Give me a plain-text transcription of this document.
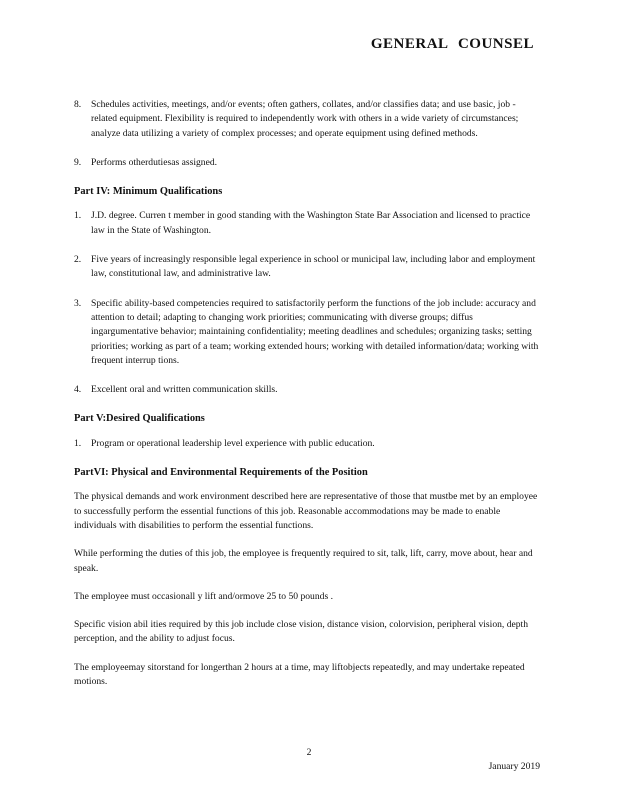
GENERAL COUNSEL
8.	Schedules activities, meetings, and/or events; often gathers, collates, and/or classifies data; and use basic, job -related equipment. Flexibility is required to independently work with others in a wide variety of circumstances; analyze data utilizing a variety of complex processes; and operate equipment using defined methods.
9.	Performs otherdutiesas assigned.
Part IV: Minimum Qualifications
1.	J.D. degree. Curren t member in good standing with the Washington State Bar Association and licensed to practice law in the State of Washington.
2.	Five years of increasingly responsible legal experience in school or municipal law, including labor and employment law, constitutional law, and administrative law.
3.	Specific ability-based competencies required to satisfactorily perform the functions of the job include: accuracy and attention to detail; adapting to changing work priorities; communicating with diverse groups; diffus ingargumentative behavior; maintaining confidentiality; meeting deadlines and schedules; organizing tasks; setting priorities; working as part of a team; working extended hours; working with detailed information/data; working with frequent interrup tions.
4.	Excellent oral and written communication skills.
Part V:Desired Qualifications
1.	Program or operational leadership level experience with public education.
PartVI: Physical and Environmental Requirements of the Position
The physical demands and work environment described here are representative of those that mustbe met by an employee to successfully perform the essential functions of this job. Reasonable accommodations may be made to enable individuals with disabilities to perform the essential functions.
While performing the duties of this job, the employee is frequently required to sit, talk, lift, carry, move about, hear and speak.
The employee must occasionall y lift and/ormove 25 to 50 pounds .
Specific vision abil ities required by this job include close vision, distance vision, colorvision, peripheral vision, depth perception, and the ability to adjust focus.
The employeemay sitorstand for longerthan 2 hours at a time, may liftobjects repeatedly, and may undertake repeated motions.
2
January 2019
